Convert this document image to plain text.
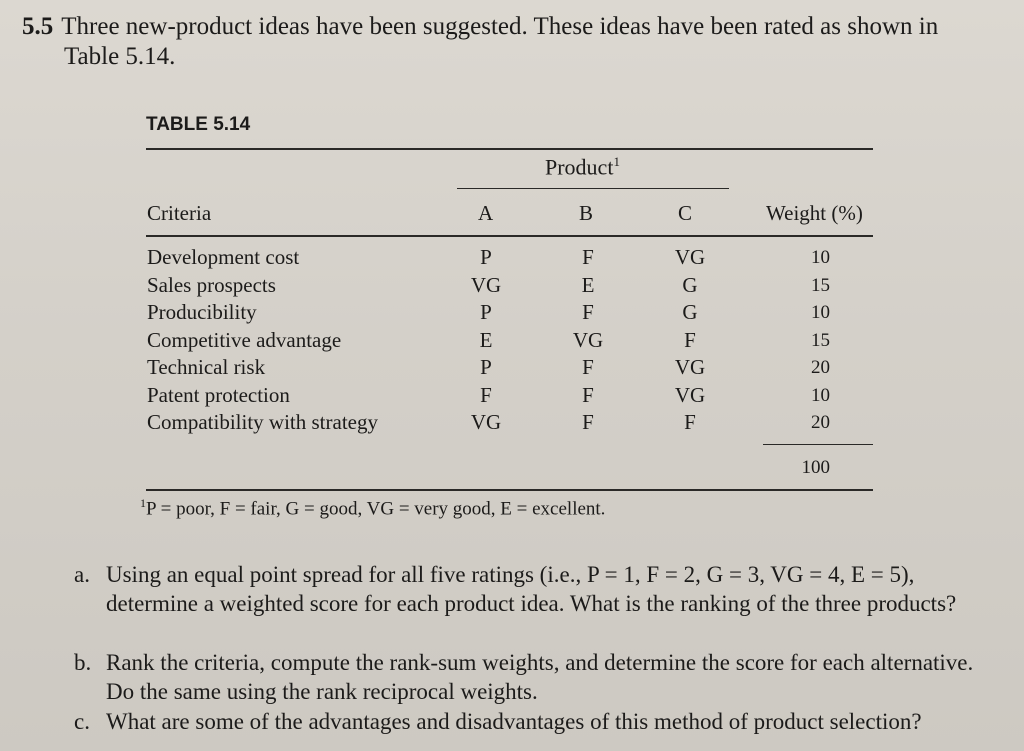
5.5 Three new-product ideas have been suggested. These ideas have been rated as shown in
Table 5.14.
TABLE 5.14
Product$^1$
Criteria	A	B	C	Weight (%)
Development cost	P	F	VG	10
Sales prospects	VG	E	G	15
Producibility	P	F	G	10
Competitive advantage	E	VG	F	15
Technical risk	P	F	VG	20
Patent protection	F	F	VG	10
Compatibility with strategy	VG	F	F	20
100
$^1$P = poor, F = fair, G = good, VG = very good, E = excellent.
a. Using an equal point spread for all five ratings (i.e., P = 1, F = 2, G = 3, VG = 4, E = 5), determine a weighted score for each product idea. What is the ranking of the three products?
b. Rank the criteria, compute the rank-sum weights, and determine the score for each alternative. Do the same using the rank reciprocal weights.
c. What are some of the advantages and disadvantages of this method of product selection?
